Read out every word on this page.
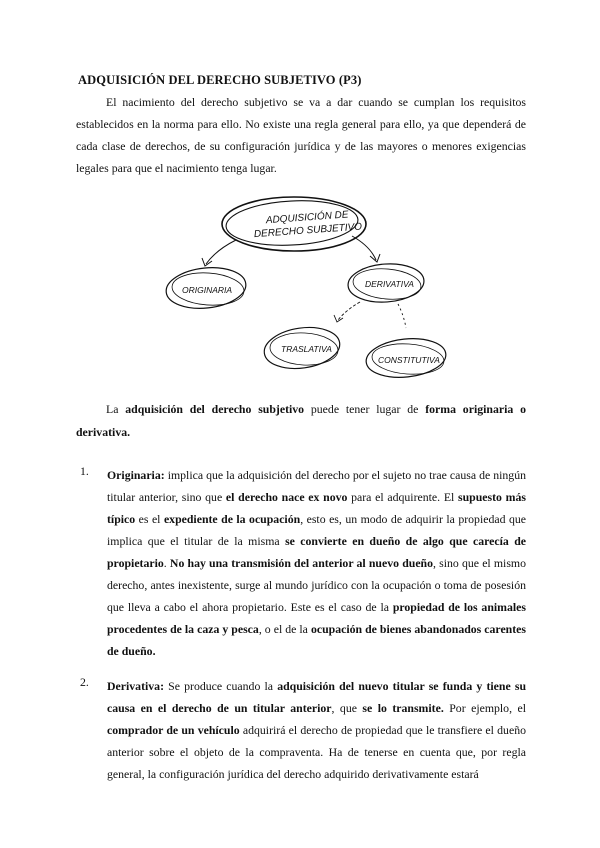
ADQUISICIÓN DEL DERECHO SUBJETIVO (P3)
El nacimiento del derecho subjetivo se va a dar cuando se cumplan los requisitos establecidos en la norma para ello. No existe una regla general para ello, ya que dependerá de cada clase de derechos, de su configuración jurídica y de las mayores o menores exigencias legales para que el nacimiento tenga lugar.
ADQUISICIÓN DE
DERECHO SUBJETIVO
ORIGINARIA
DERIVATIVA
TRASLATIVA
CONSTITUTIVA
La adquisición del derecho subjetivo puede tener lugar de forma originaria o derivativa.
1. Originaria: implica que la adquisición del derecho por el sujeto no trae causa de ningún titular anterior, sino que el derecho nace ex novo para el adquirente. El supuesto más típico es el expediente de la ocupación, esto es, un modo de adquirir la propiedad que implica que el titular de la misma se convierte en dueño de algo que carecía de propietario. No hay una transmisión del anterior al nuevo dueño, sino que el mismo derecho, antes inexistente, surge al mundo jurídico con la ocupación o toma de posesión que lleva a cabo el ahora propietario. Este es el caso de la propiedad de los animales procedentes de la caza y pesca, o el de la ocupación de bienes abandonados carentes de dueño.
2. Derivativa: Se produce cuando la adquisición del nuevo titular se funda y tiene su causa en el derecho de un titular anterior, que se lo transmite. Por ejemplo, el comprador de un vehículo adquirirá el derecho de propiedad que le transfiere el dueño anterior sobre el objeto de la compraventa. Ha de tenerse en cuenta que, por regla general, la configuración jurídica del derecho adquirido derivativamente estará
